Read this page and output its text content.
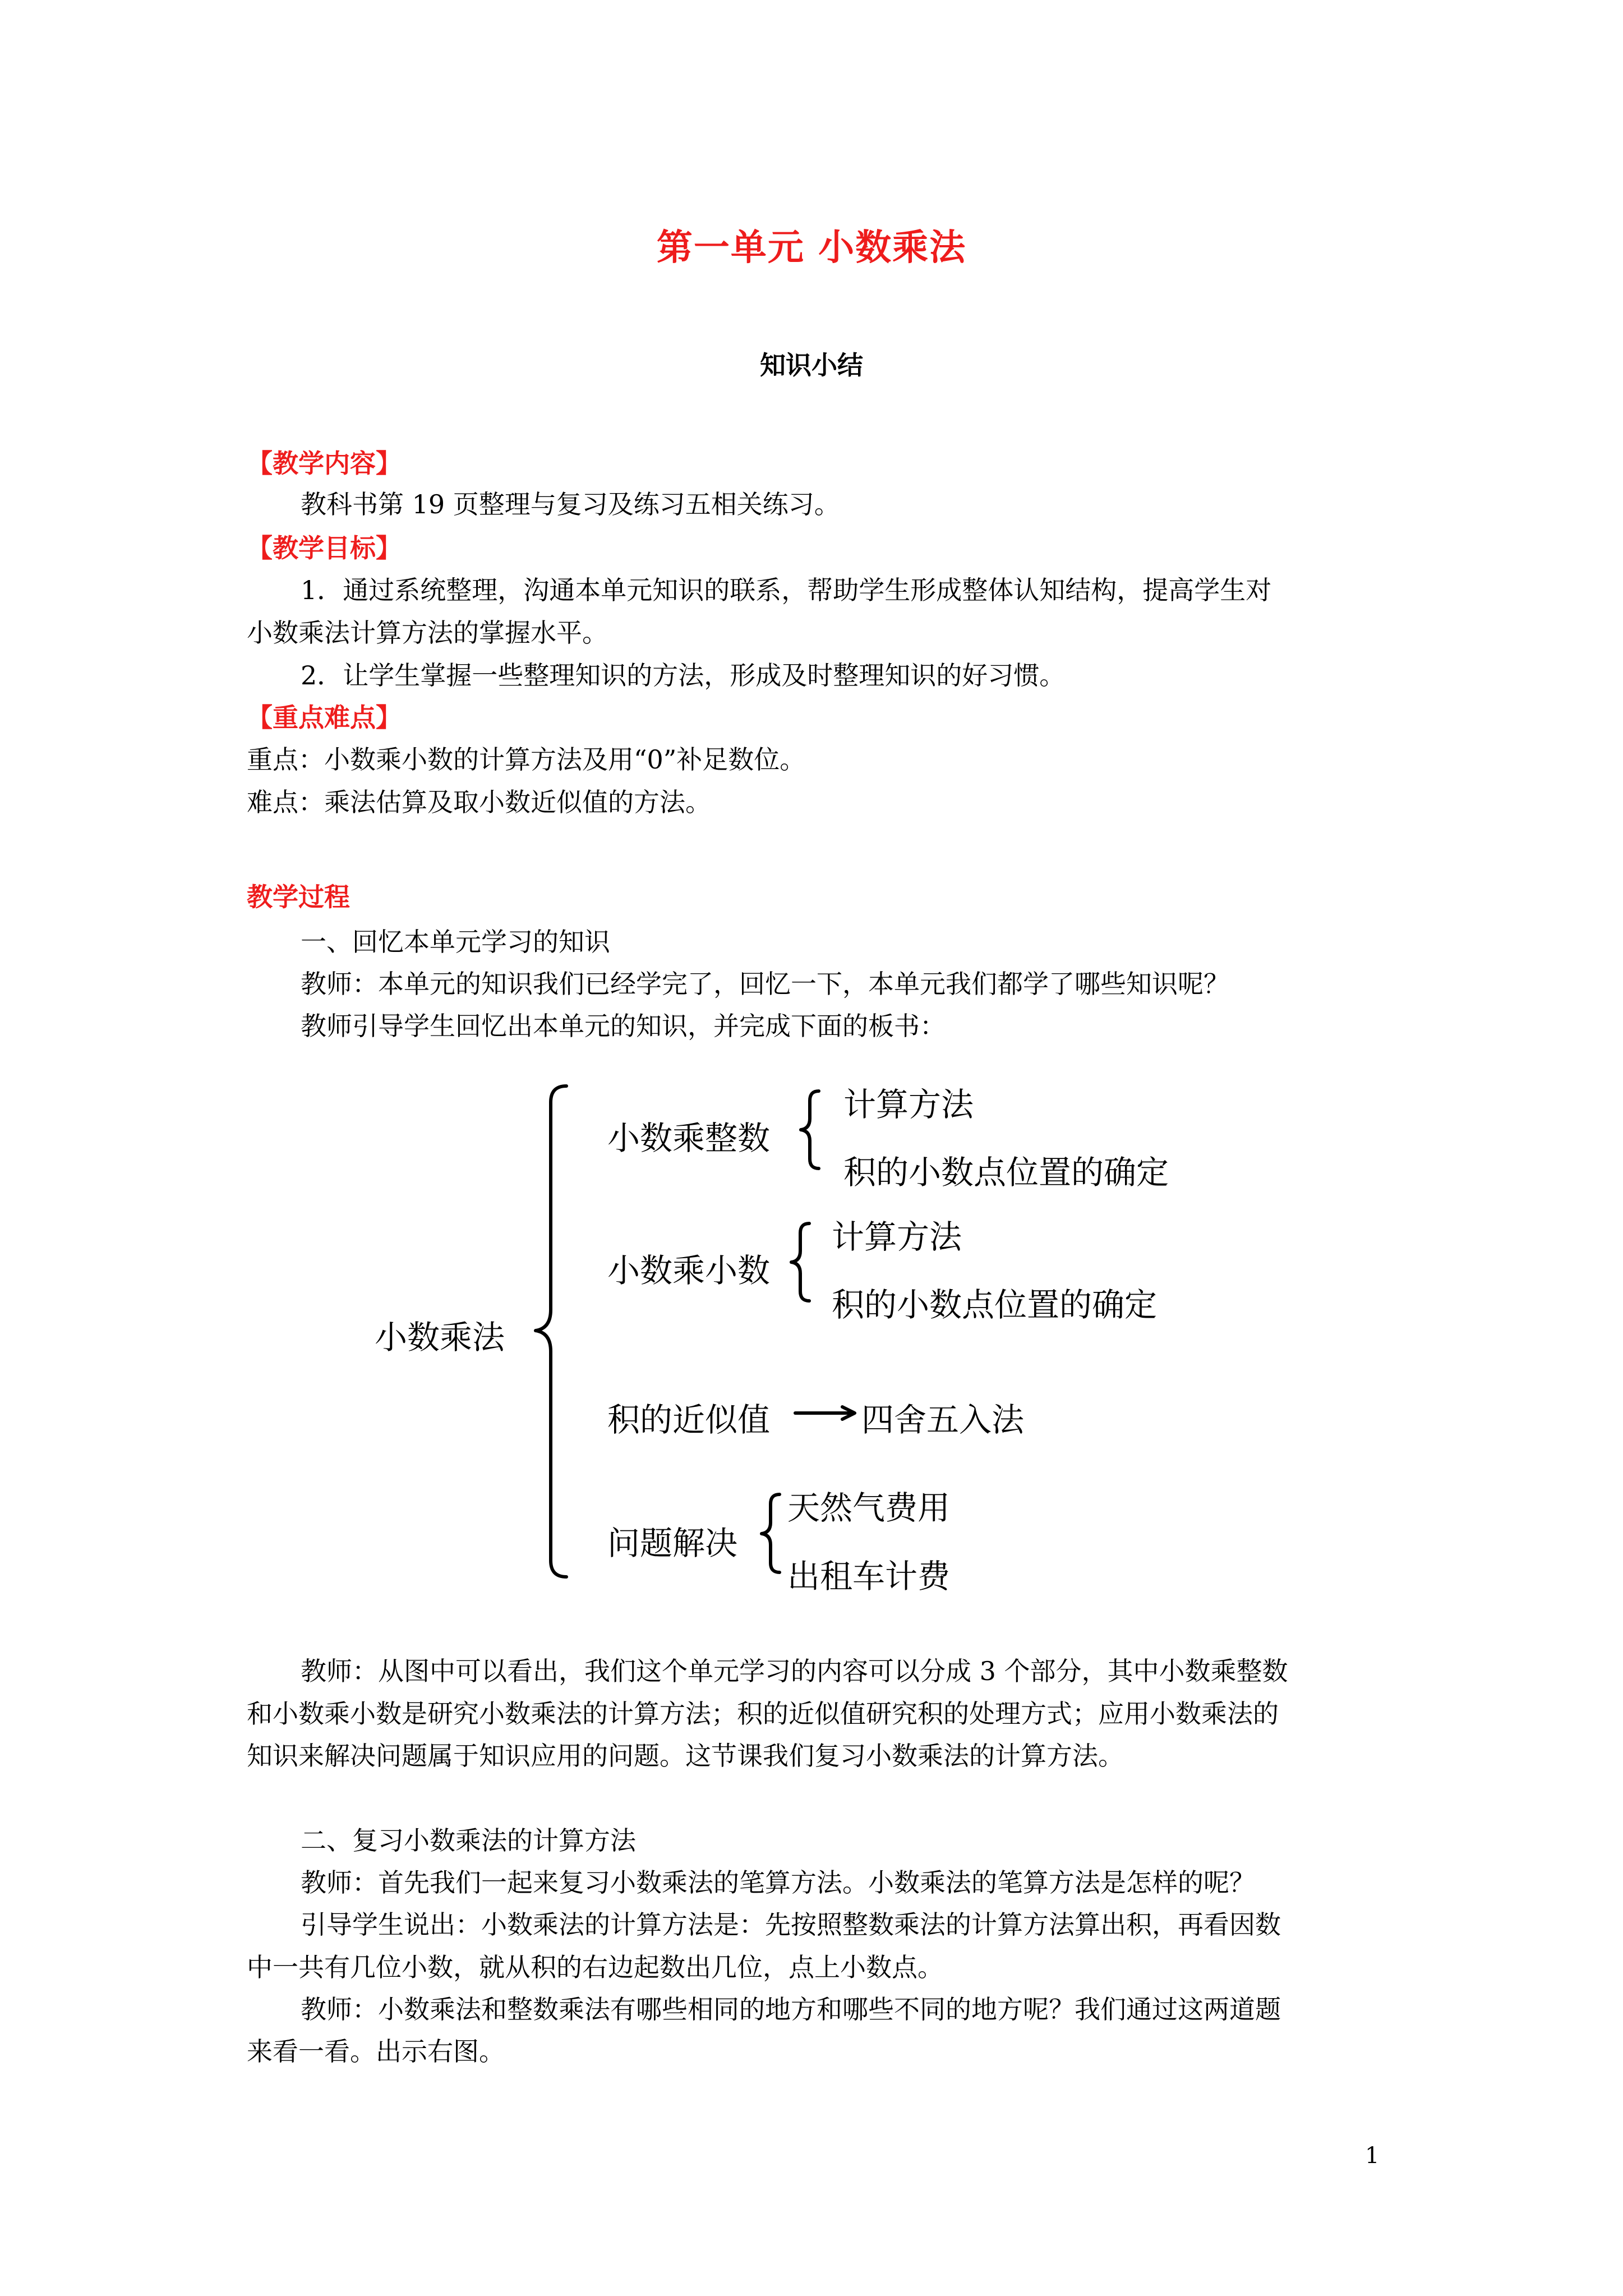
第一单元 小数乘法
知识小结
【教学内容】
教科书第 19 页整理与复习及练习五相关练习。
【教学目标】
1．通过系统整理，沟通本单元知识的联系，帮助学生形成整体认知结构，提高学生对
小数乘法计算方法的掌握水平。
2．让学生掌握一些整理知识的方法，形成及时整理知识的好习惯。
【重点难点】
重点：小数乘小数的计算方法及用“0”补足数位。
难点：乘法估算及取小数近似值的方法。
教学过程
一、回忆本单元学习的知识
教师：本单元的知识我们已经学完了，回忆一下，本单元我们都学了哪些知识呢？
教师引导学生回忆出本单元的知识，并完成下面的板书：
小数乘法
小数乘整数
计算方法
积的小数点位置的确定
小数乘小数
计算方法
积的小数点位置的确定
积的近似值	四舍五入法
问题解决
天然气费用
出租车计费
教师：从图中可以看出，我们这个单元学习的内容可以分成 3 个部分，其中小数乘整数
和小数乘小数是研究小数乘法的计算方法；积的近似值研究积的处理方式；应用小数乘法的
知识来解决问题属于知识应用的问题。这节课我们复习小数乘法的计算方法。
二、复习小数乘法的计算方法
教师：首先我们一起来复习小数乘法的笔算方法。小数乘法的笔算方法是怎样的呢？
引导学生说出：小数乘法的计算方法是：先按照整数乘法的计算方法算出积，再看因数
中一共有几位小数，就从积的右边起数出几位，点上小数点。
教师：小数乘法和整数乘法有哪些相同的地方和哪些不同的地方呢？我们通过这两道题
来看一看。出示右图。
1
